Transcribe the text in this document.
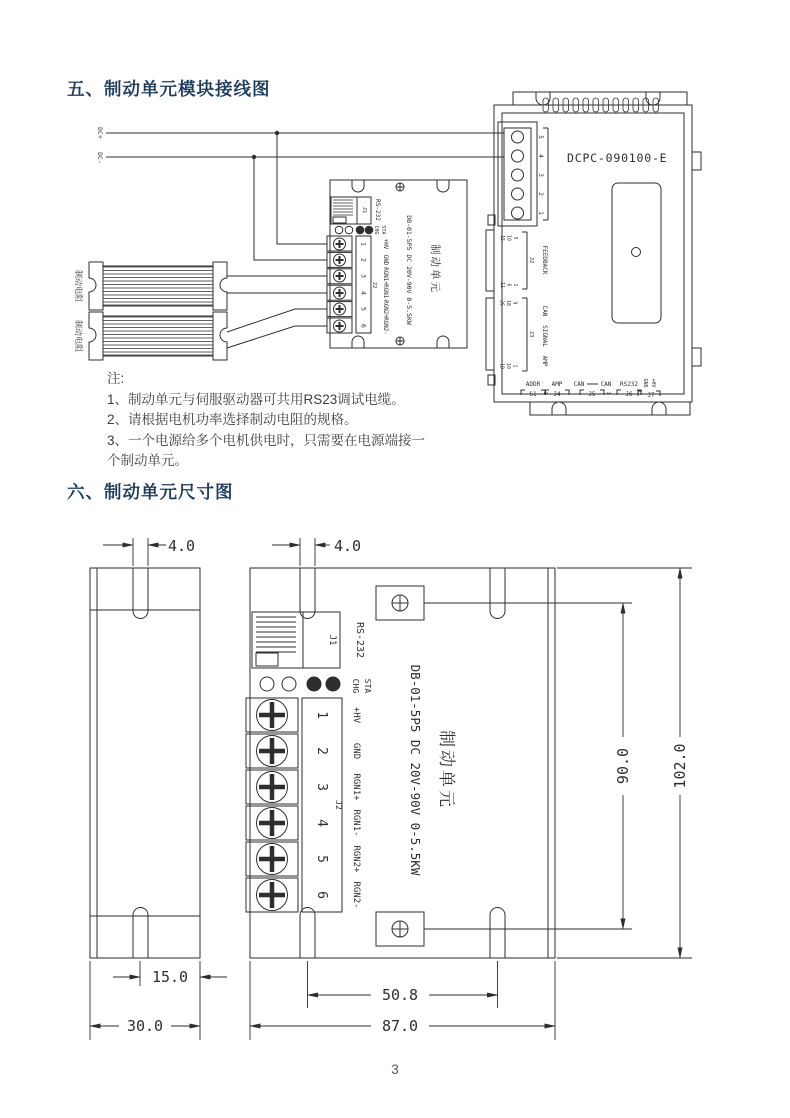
DC+
DC-
制动电阻
制动电阻
J1 RS-232
CHG STA
1
2
3
4
5
6
J2
+HV
GND
RGN1+
RGN1-
RGN2+
RGN2-
DB-01-5P5 DC 20V-90V 0-5.5KW 制动单元
DCPC-090100-E
5
4
3
2
1
15 10 5
11 6 1
J2 FEEDBACK
26 18 9
19 10 1
J3
CAN
SIGNAL
AMP
ADDR AMP CAN	CAN RS232 GND +HV
S1	J4	J5	J6 J7
1	1
J1 RS-232
CHG STA
1
2
3
4
5
6
J2
+HV
GND
RGN1+
RGN1-
RGN2+
RGN2-
DB-01-5P5 DC 20V-90V 0-5.5KW 制动单元
4.0	4.0
15.0
30.0
50.8
87.0
90.0	102.0
五、制动单元模块接线图
注:
1、制动单元与伺服驱动器可共用RS23调试电缆。
2、请根据电机功率选择制动电阻的规格。
3、一个电源给多个电机供电时，只需要在电源端接一
个制动单元。
六、制动单元尺寸图
3
